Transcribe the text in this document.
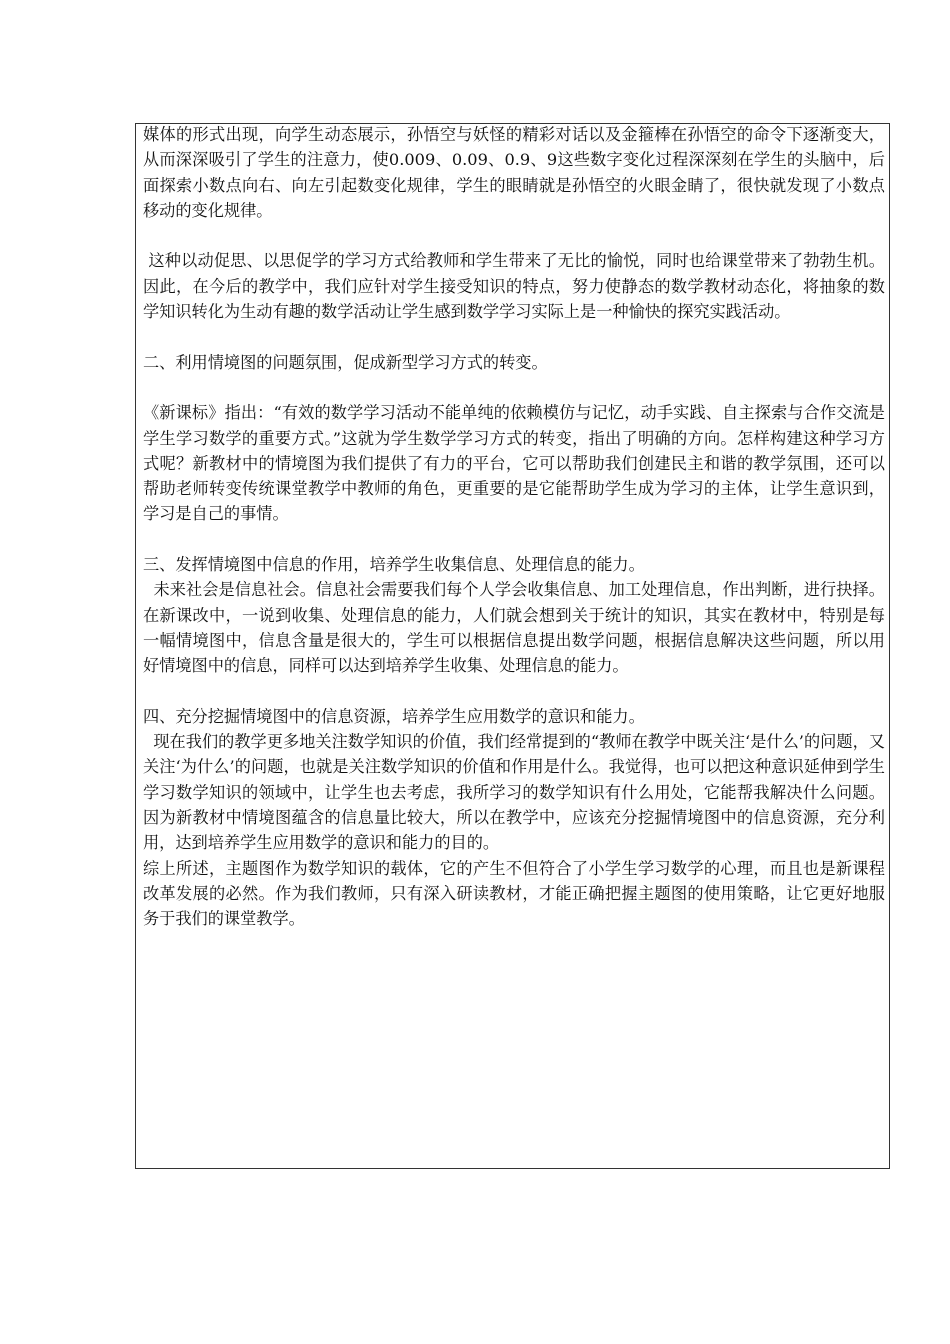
媒体的形式出现，向学生动态展示，孙悟空与妖怪的精彩对话以及金箍棒在孙悟空的命令下逐渐变大，从而深深吸引了学生的注意力，使0.009、0.09、0.9、9这些数字变化过程深深刻在学生的头脑中，后面探索小数点向右、向左引起数变化规律，学生的眼睛就是孙悟空的火眼金睛了，很快就发现了小数点移动的变化规律。

这种以动促思、以思促学的学习方式给教师和学生带来了无比的愉悦，同时也给课堂带来了勃勃生机。因此，在今后的教学中，我们应针对学生接受知识的特点，努力使静态的数学教材动态化，将抽象的数学知识转化为生动有趣的数学活动让学生感到数学学习实际上是一种愉快的探究实践活动。

二、利用情境图的问题氛围，促成新型学习方式的转变。

《新课标》指出：“有效的数学学习活动不能单纯的依赖模仿与记忆，动手实践、自主探索与合作交流是学生学习数学的重要方式。”这就为学生数学学习方式的转变，指出了明确的方向。怎样构建这种学习方式呢？新教材中的情境图为我们提供了有力的平台，它可以帮助我们创建民主和谐的教学氛围，还可以帮助老师转变传统课堂教学中教师的角色，更重要的是它能帮助学生成为学习的主体，让学生意识到，学习是自己的事情。

三、发挥情境图中信息的作用，培养学生收集信息、处理信息的能力。

未来社会是信息社会。信息社会需要我们每个人学会收集信息、加工处理信息，作出判断，进行抉择。在新课改中，一说到收集、处理信息的能力，人们就会想到关于统计的知识，其实在教材中，特别是每一幅情境图中，信息含量是很大的，学生可以根据信息提出数学问题，根据信息解决这些问题，所以用好情境图中的信息，同样可以达到培养学生收集、处理信息的能力。

四、充分挖掘情境图中的信息资源，培养学生应用数学的意识和能力。

现在我们的教学更多地关注数学知识的价值，我们经常提到的“教师在教学中既关注‘是什么’的问题，又关注‘为什么’的问题，也就是关注数学知识的价值和作用是什么。我觉得，也可以把这种意识延伸到学生学习数学知识的领域中，让学生也去考虑，我所学习的数学知识有什么用处，它能帮我解决什么问题。因为新教材中情境图蕴含的信息量比较大，所以在教学中，应该充分挖掘情境图中的信息资源，充分利用，达到培养学生应用数学的意识和能力的目的。

综上所述，主题图作为数学知识的载体，它的产生不但符合了小学生学习数学的心理，而且也是新课程改革发展的必然。作为我们教师，只有深入研读教材，才能正确把握主题图的使用策略，让它更好地服务于我们的课堂教学。
